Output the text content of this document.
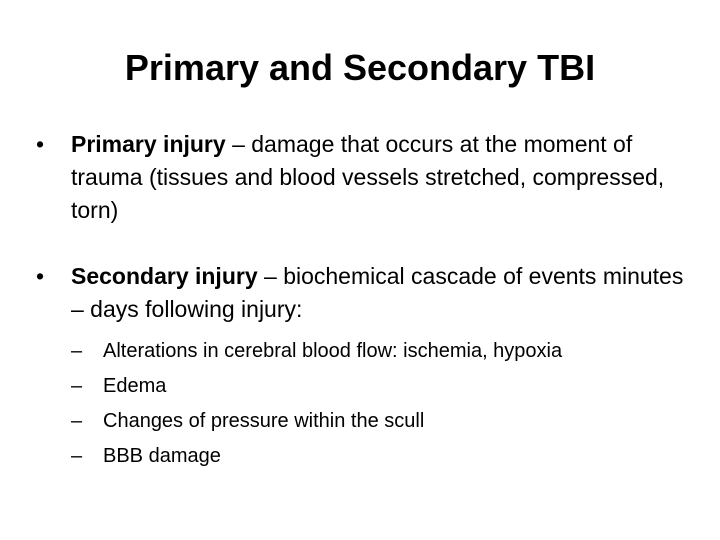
Primary and Secondary TBI

•	Primary injury – damage that occurs at the moment of trauma (tissues and blood vessels stretched, compressed, torn)

•	Secondary injury – biochemical cascade of events minutes – days following injury:

– Alterations in cerebral blood flow: ischemia, hypoxia
– Edema
– Changes of pressure within the scull
– BBB damage
